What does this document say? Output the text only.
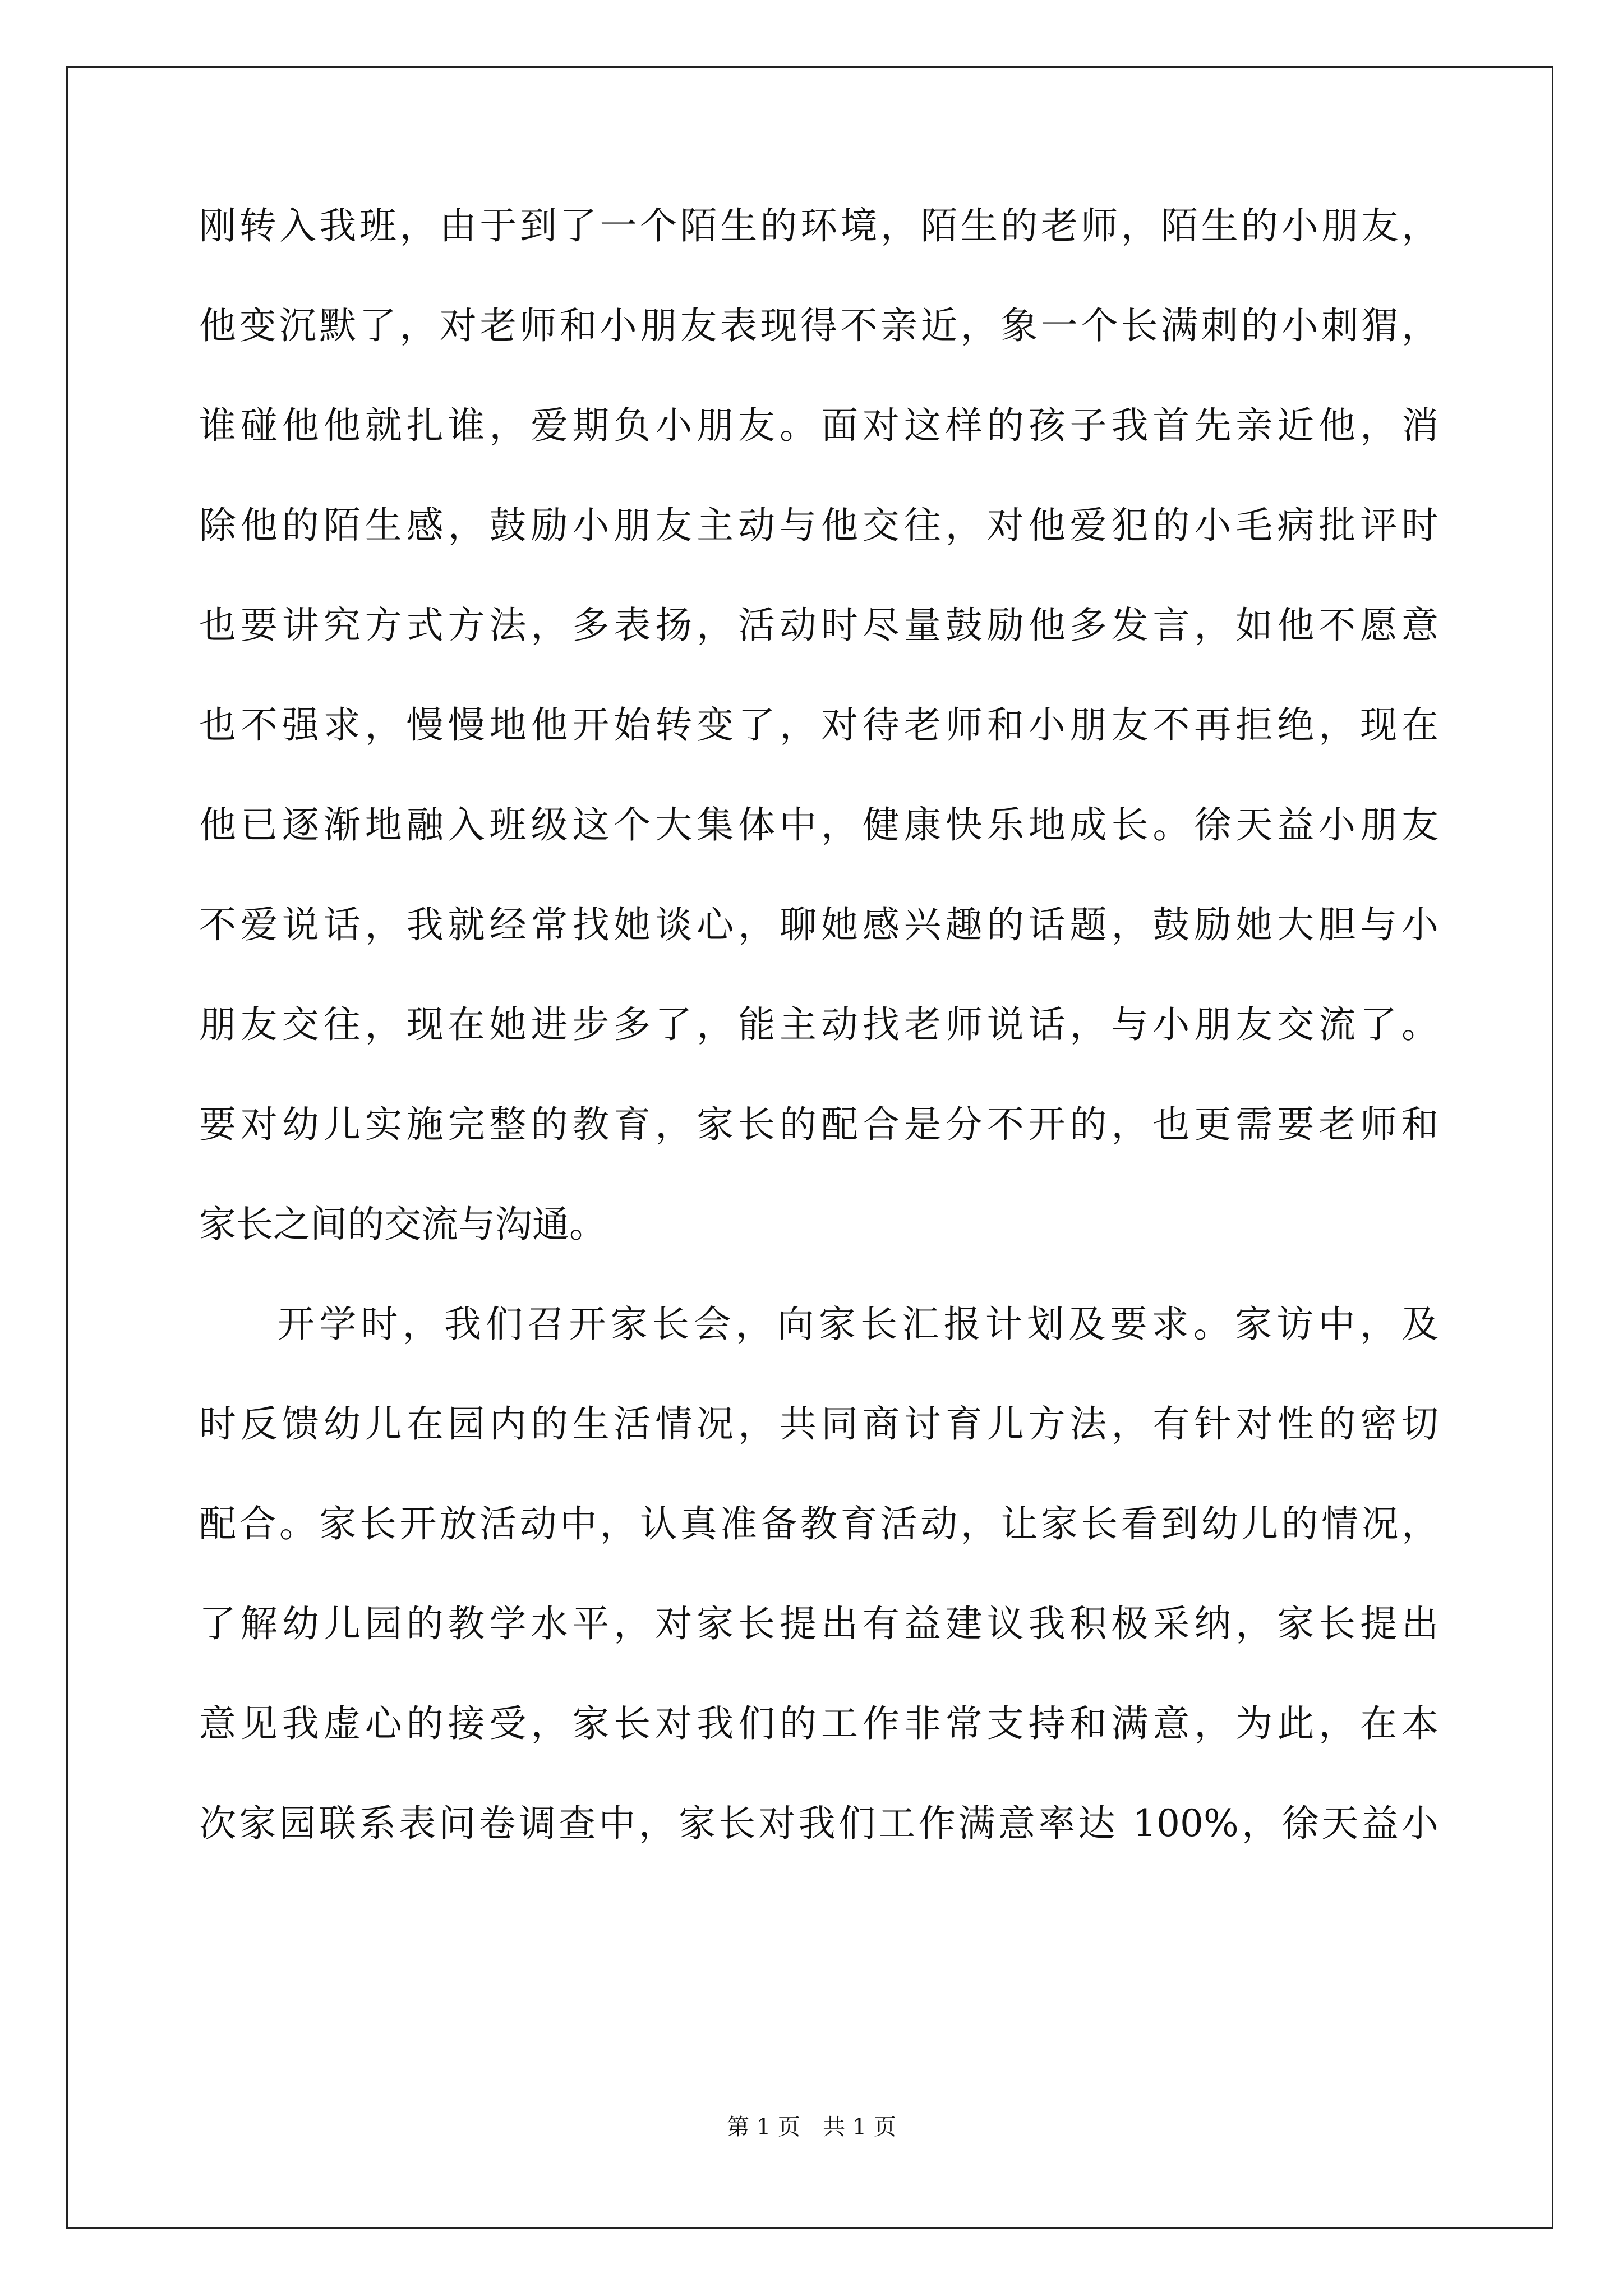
刚转入我班，由于到了一个陌生的环境，陌生的老师，陌生的小朋友，
他变沉默了，对老师和小朋友表现得不亲近，象一个长满刺的小刺猬，
谁碰他他就扎谁，爱期负小朋友。面对这样的孩子我首先亲近他，消
除他的陌生感，鼓励小朋友主动与他交往，对他爱犯的小毛病批评时
也要讲究方式方法，多表扬，活动时尽量鼓励他多发言，如他不愿意
也不强求，慢慢地他开始转变了，对待老师和小朋友不再拒绝，现在
他已逐渐地融入班级这个大集体中，健康快乐地成长。徐天益小朋友
不爱说话，我就经常找她谈心，聊她感兴趣的话题，鼓励她大胆与小
朋友交往，现在她进步多了，能主动找老师说话，与小朋友交流了。
要对幼儿实施完整的教育，家长的配合是分不开的，也更需要老师和
家长之间的交流与沟通。
开学时，我们召开家长会，向家长汇报计划及要求。家访中，及
时反馈幼儿在园内的生活情况，共同商讨育儿方法，有针对性的密切
配合。家长开放活动中，认真准备教育活动，让家长看到幼儿的情况，
了解幼儿园的教学水平，对家长提出有益建议我积极采纳，家长提出
意见我虚心的接受，家长对我们的工作非常支持和满意，为此，在本
次家园联系表问卷调查中，家长对我们工作满意率达 100%，徐天益小
第 1 页　共 1 页
